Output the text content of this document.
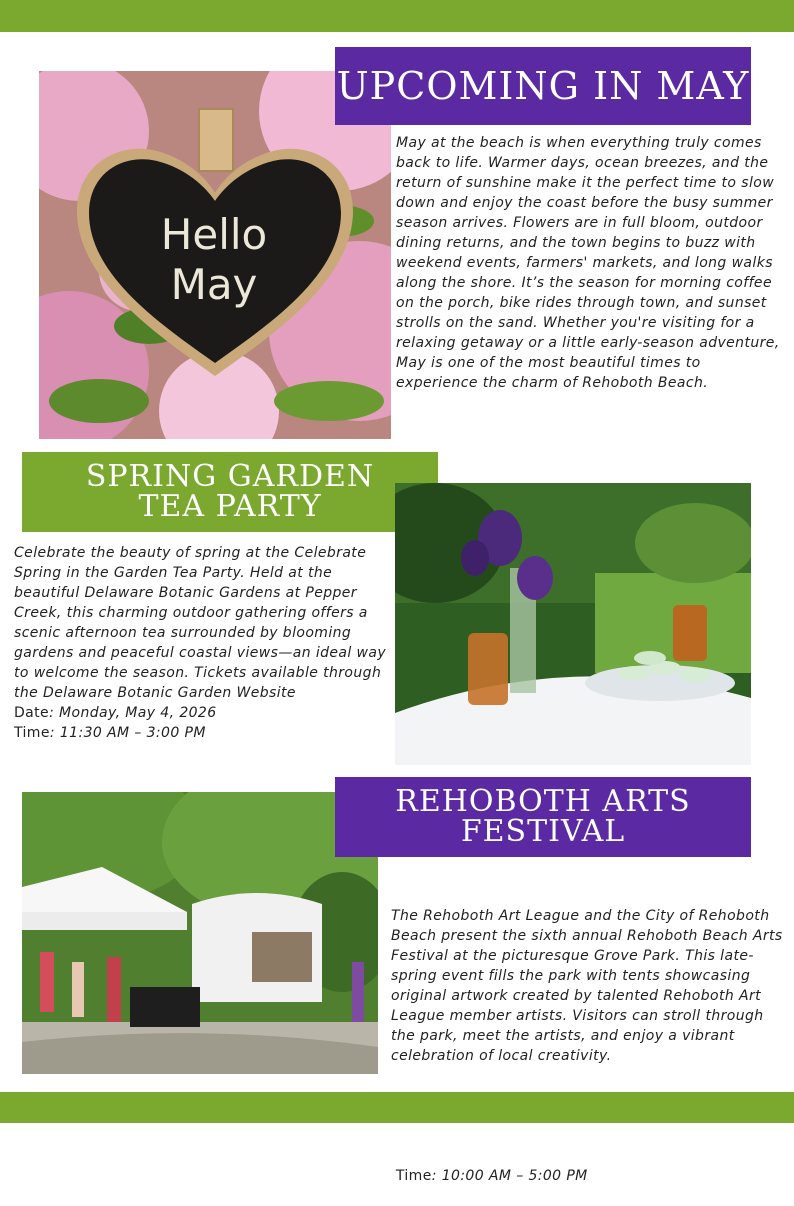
Hello
May
UPCOMING IN MAY

May at the beach is when everything truly comes back to life. Warmer days, ocean breezes, and the return of sunshine make it the perfect time to slow down and enjoy the coast before the busy summer season arrives. Flowers are in full bloom, outdoor dining returns, and the town begins to buzz with weekend events, farmers' markets, and long walks along the shore. It’s the season for morning coffee on the porch, bike rides through town, and sunset strolls on the sand. Whether you're visiting for a relaxing getaway or a little early-season adventure, May is one of the most beautiful times to experience the charm of Rehoboth Beach.

SPRING GARDEN
TEA PARTY

Celebrate the beauty of spring at the Celebrate Spring in the Garden Tea Party. Held at the beautiful Delaware Botanic Gardens at Pepper Creek, this charming outdoor gathering offers a scenic afternoon tea surrounded by blooming gardens and peaceful coastal views—an ideal way to welcome the season. Tickets available through the Delaware Botanic Garden Website

Date: Monday, May 4, 2026

Time: 11:30 AM – 3:00 PM

REHOBOTH ARTS
FESTIVAL

The Rehoboth Art League and the City of Rehoboth Beach present the sixth annual Rehoboth Beach Arts Festival at the picturesque Grove Park. This late-spring event fills the park with tents showcasing original artwork created by talented Rehoboth Art League member artists. Visitors can stroll through the park, meet the artists, and enjoy a vibrant celebration of local creativity.

Time: 10:00 AM – 5:00 PM
